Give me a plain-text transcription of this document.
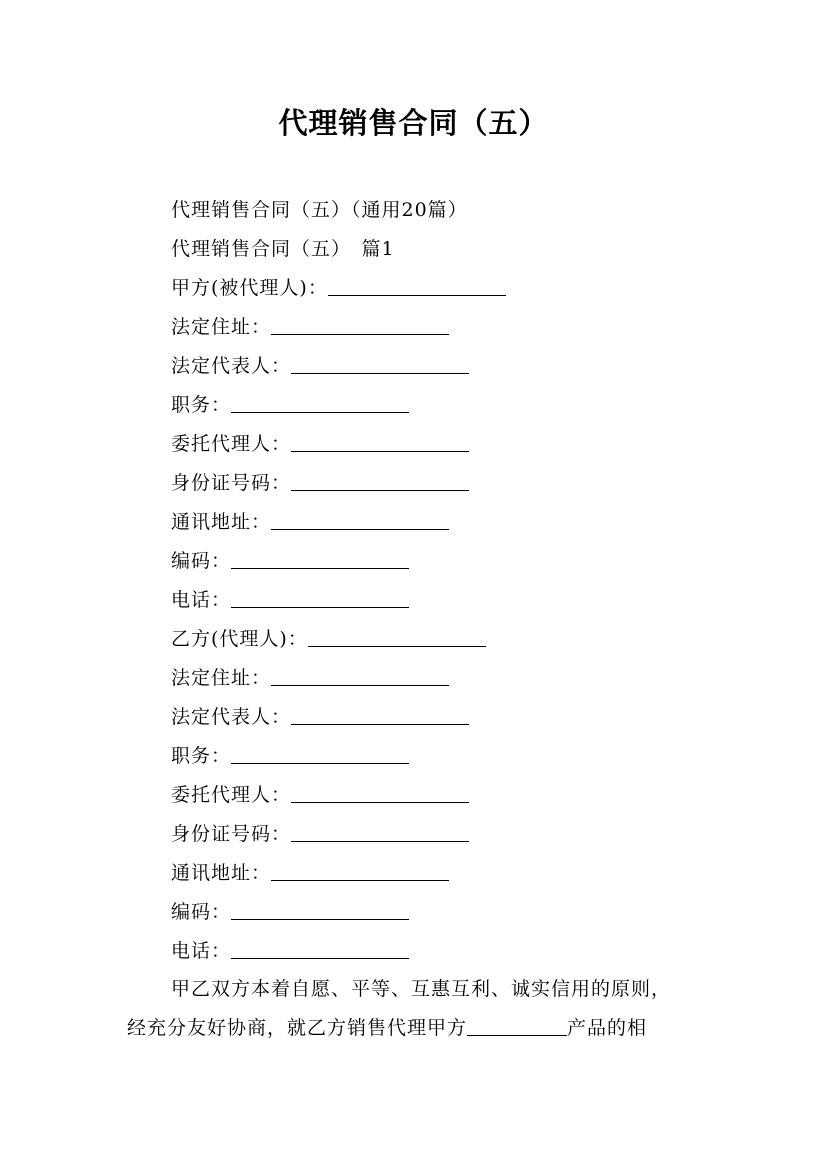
代理销售合同（五）
代理销售合同（五）（通用20篇）
代理销售合同（五）　篇1
甲方(被代理人)：
法定住址：
法定代表人：
职务：
委托代理人：
身份证号码：
通讯地址：
编码：
电话：
乙方(代理人)：
法定住址：
法定代表人：
职务：
委托代理人：
身份证号码：
通讯地址：
编码：
电话：
甲乙双方本着自愿、平等、互惠互利、诚实信用的原则，
经充分友好协商，就乙方销售代理甲方	产品的相
